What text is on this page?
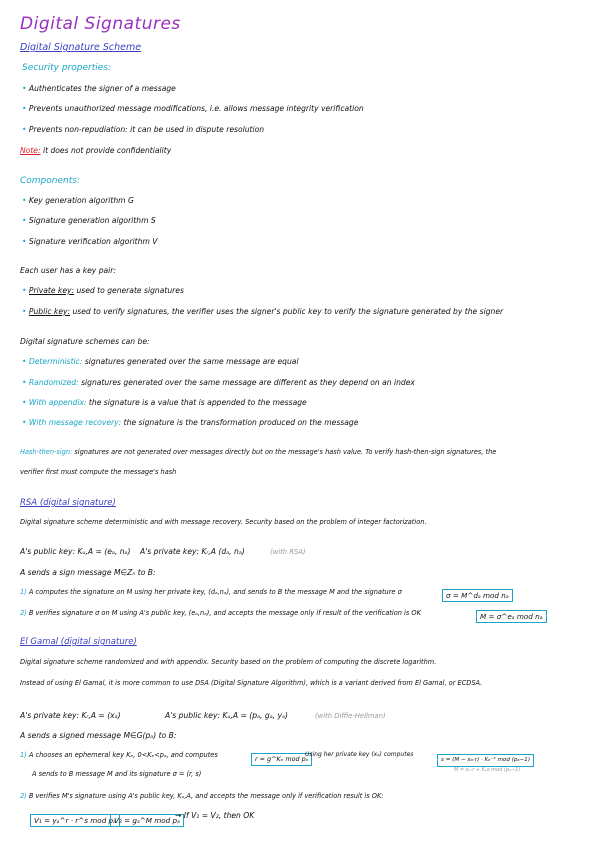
Digital Signatures
Digital Signature Scheme
Security properties:
• Authenticates the signer of a message
• Prevents unauthorized message modifications, i.e. allows message integrity verification
• Prevents non-repudiation: it can be used in dispute resolution
Note: it does not provide confidentiality
Components:
• Key generation algorithm G
• Signature generation algorithm S
• Signature verification algorithm V
Each user has a key pair:
• Private key: used to generate signatures
• Public key: used to verify signatures, the verifier uses the signer's public key to verify the signature generated by the signer
Digital signature schemes can be:
• Deterministic: signatures generated over the same message are equal
• Randomized: signatures generated over the same message are different as they depend on an index
• With appendix: the signature is a value that is appended to the message
• With message recovery: the signature is the transformation produced on the message
Hash-then-sign: signatures are not generated over messages directly but on the message's hash value. To verify hash-then-sign signatures, the
verifier first must compute the message's hash
RSA (digital signature)
Digital signature scheme deterministic and with message recovery. Security based on the problem of integer factorization.
A's public key: Kᵤ,A = (eₐ, nₐ) A's private key: Kᵣ,A (dₐ, nₐ)	(with RSA)
A sends a sign message M∈Zₙ to B:
1) A computes the signature on M using her private key, (dₐ,nₐ), and sends to B the message M and the signature σ	σ = M^dₐ mod nₐ
2) B verifies signature σ on M using A's public key, (eₐ,nₐ), and accepts the message only if result of the verification is OK	M = σ^eₐ mod nₐ
El Gamal (digital signature)
Digital signature scheme randomized and with appendix. Security based on the problem of computing the discrete logarithm.
Instead of using El Gamal, it is more common to use DSA (Digital Signature Algorithm), which is a variant derived from El Gamal, or ECDSA.
A's private key: Kᵣ,A = (xₐ)	A's public key: Kᵤ,A = (pₐ, gₐ, yₐ)	(with Diffie-Hellman)
A sends a signed message M∈G(pₐ) to B:
1) A chooses an ephemeral key Kₑ, 0<Kₑ<pₐ, and computes	r = g^Kₑ mod pₐ
Using her private key (xₐ) computes
s = (M − xₐ·r) · Kₑ⁻¹ mod (pₐ−1)
A sends to B message M and its signature σ = (r, s)	M = xₐ·r + Kₑs mod (pₐ−1)
2) B verifies M's signature using A's public key, Kᵤ,A, and accepts the message only if verification result is OK:
V₁ = yₐ^r · r^s mod pₐ
V₂ = gₐ^M mod pₐ
→ If V₁ = V₂, then OK
